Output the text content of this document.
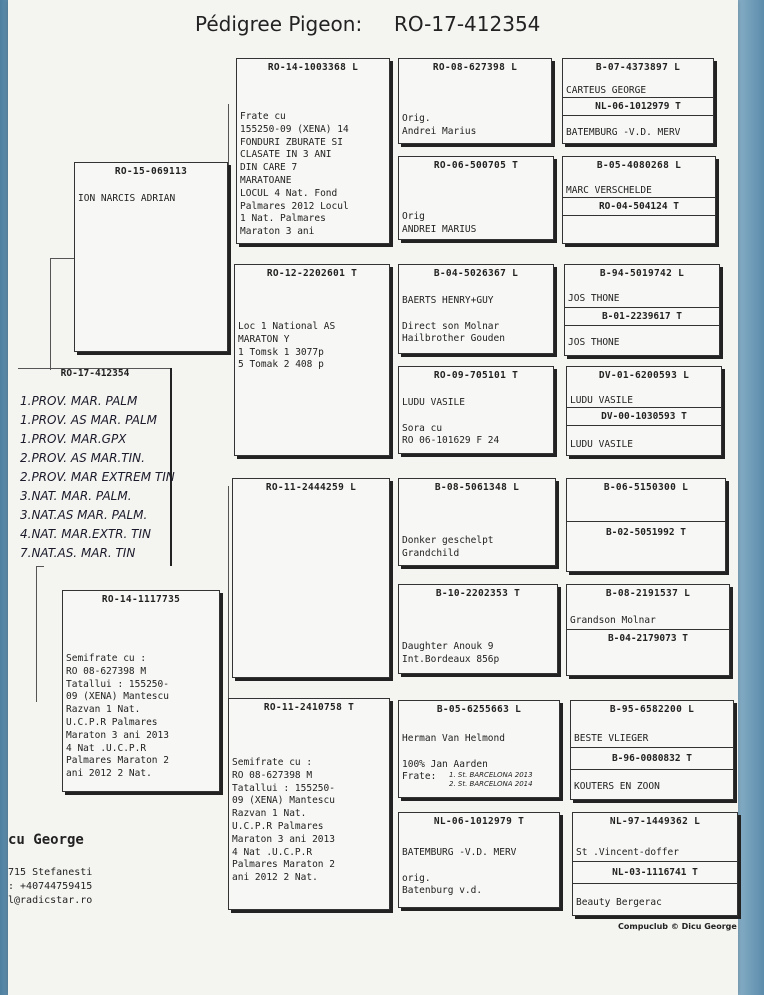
Pédigree Pigeon:     RO-17-412354
RO-17-412354
1.PROV. MAR. PALM
1.PROV. AS MAR. PALM
1.PROV. MAR.GPX
2.PROV. AS MAR.TIN.
2.PROV. MAR EXTREM TIN
3.NAT. MAR. PALM.
3.NAT.AS MAR. PALM.
4.NAT. MAR.EXTR. TIN
7.NAT.AS. MAR. TIN
RO-15-069113
ION NARCIS ADRIAN
RO-14-1117735
Semifrate cu :
RO 08-627398 M
Tatallui : 155250-
09 (XENA) Mantescu
Razvan 1 Nat.
U.C.P.R Palmares
Maraton 3 ani 2013
4 Nat .U.C.P.R
Palmares Maraton 2
ani 2012 2 Nat.
RO-14-1003368 L
Frate cu
155250-09 (XENA) 14
FONDURI ZBURATE SI
CLASATE IN 3 ANI
DIN CARE 7
MARATOANE
LOCUL 4 Nat. Fond
Palmares 2012 Locul
1 Nat. Palmares
Maraton 3 ani
RO-12-2202601 T
Loc 1 National AS
MARATON Y
1 Tomsk 1 3077p
5 Tomak 2 408 p
RO-11-2444259 L
RO-11-2410758 T
Semifrate cu :
RO 08-627398 M
Tatallui : 155250-
09 (XENA) Mantescu
Razvan 1 Nat.
U.C.P.R Palmares
Maraton 3 ani 2013
4 Nat .U.C.P.R
Palmares Maraton 2
ani 2012 2 Nat.
RO-08-627398 L
Orig.
Andrei Marius
RO-06-500705 T
Orig
ANDREI MARIUS
B-04-5026367 L
BAERTS HENRY+GUY

Direct son Molnar
Hailbrother Gouden
RO-09-705101 T
LUDU VASILE

Sora cu
RO 06-101629 F 24
B-08-5061348 L
Donker geschelpt
Grandchild
B-10-2202353 T
Daughter Anouk 9
Int.Bordeaux 856p
B-05-6255663 L
Herman Van Helmond

100% Jan Aarden
Frate:	1. St. BARCELONA 2013
2. St. BARCELONA 2014
NL-06-1012979 T
BATEMBURG -V.D. MERV

orig.
Batenburg v.d.
B-07-4373897 L
CARTEUS GEORGE
NL-06-1012979 T
BATEMBURG -V.D. MERV
B-05-4080268 L
MARC VERSCHELDE
RO-04-504124 T
B-94-5019742 L
JOS THONE
B-01-2239617 T
JOS THONE
DV-01-6200593 L
LUDU VASILE
DV-00-1030593 T
LUDU VASILE
B-06-5150300 L
B-02-5051992 T
B-08-2191537 L
Grandson Molnar
B-04-2179073 T
B-95-6582200 L
BESTE VLIEGER
B-96-0080832 T
KOUTERS EN ZOON
NL-97-1449362 L
St .Vincent-doffer
NL-03-1116741 T
Beauty Bergerac
cu George
715 Stefanesti
: +40744759415
l@radicstar.ro
Compuclub © Dicu George
